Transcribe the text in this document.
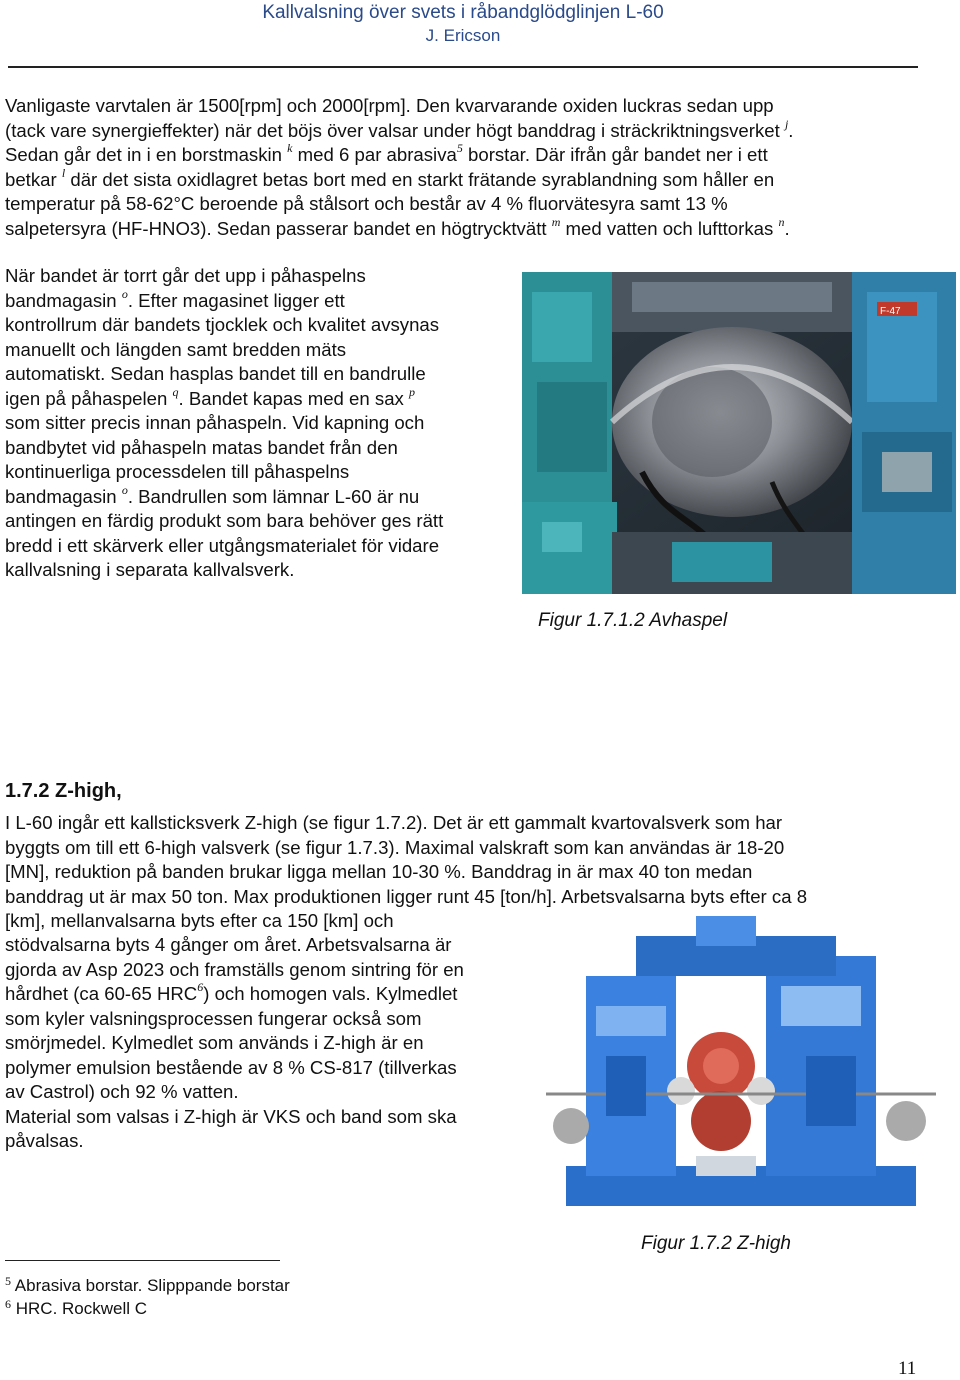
Kallvalsning över svets i råbandglödglinjen L-60
J. Ericson
Vanligaste varvtalen är 1500[rpm] och 2000[rpm]. Den kvarvarande oxiden luckras sedan upp
(tack vare synergieffekter) när det böjs över valsar under högt banddrag i sträckriktningsverket $^j$.
Sedan går det in i en borstmaskin $^k$ med 6 par abrasiva$^5$ borstar. Där ifrån går bandet ner i ett
betkar $^l$ där det sista oxidlagret betas bort med en starkt frätande syrablandning som håller en
temperatur på 58-62°C beroende på stålsort och består av 4 % fluorvätesyra samt 13 %
salpetersyra (HF-HNO3). Sedan passerar bandet en högtrycktvätt $^m$ med vatten och lufttorkas $^n$.
När bandet är torrt går det upp i påhaspelns
bandmagasin $^o$. Efter magasinet ligger ett
kontrollrum där bandets tjocklek och kvalitet avsynas
manuellt och längden samt bredden mäts
automatiskt. Sedan hasplas bandet till en bandrulle
igen på påhaspelen $^q$. Bandet kapas med en sax $^p$
som sitter precis innan påhaspeln. Vid kapning och
bandbytet vid påhaspeln matas bandet från den
kontinuerliga processdelen till påhaspelns
bandmagasin $^o$. Bandrullen som lämnar L-60 är nu
antingen en färdig produkt som bara behöver ges rätt
bredd i ett skärverk eller utgångsmaterialet för vidare
kallvalsning i separata kallvalsverk.
F-47
Figur 1.7.1.2 Avhaspel
1.7.2 Z-high,
I L-60 ingår ett kallsticksverk Z-high (se figur 1.7.2). Det är ett gammalt kvartovalsverk som har
byggts om till ett 6-high valsverk (se figur 1.7.3). Maximal valskraft som kan användas är 18-20
[MN], reduktion på banden brukar ligga mellan 10-30 %. Banddrag in är max 40 ton medan
banddrag ut är max 50 ton. Max produktionen ligger runt 45 [ton/h]. Arbetsvalsarna byts efter ca 8
[km], mellanvalsarna byts efter ca 150 [km] och
stödvalsarna byts 4 gånger om året. Arbetsvalsarna är
gjorda av Asp 2023 och framställs genom sintring för en
hårdhet (ca 60-65 HRC$^6$) och homogen vals. Kylmedlet
som kyler valsningsprocessen fungerar också som
smörjmedel. Kylmedlet som används i Z-high är en
polymer emulsion bestående av 8 % CS-817 (tillverkas
av Castrol) och 92 % vatten.
Material som valsas i Z-high är VKS och band som ska
påvalsas.
Figur 1.7.2 Z-high
$^5$ Abrasiva borstar. Slipppande borstar
$^6$ HRC. Rockwell C
11
